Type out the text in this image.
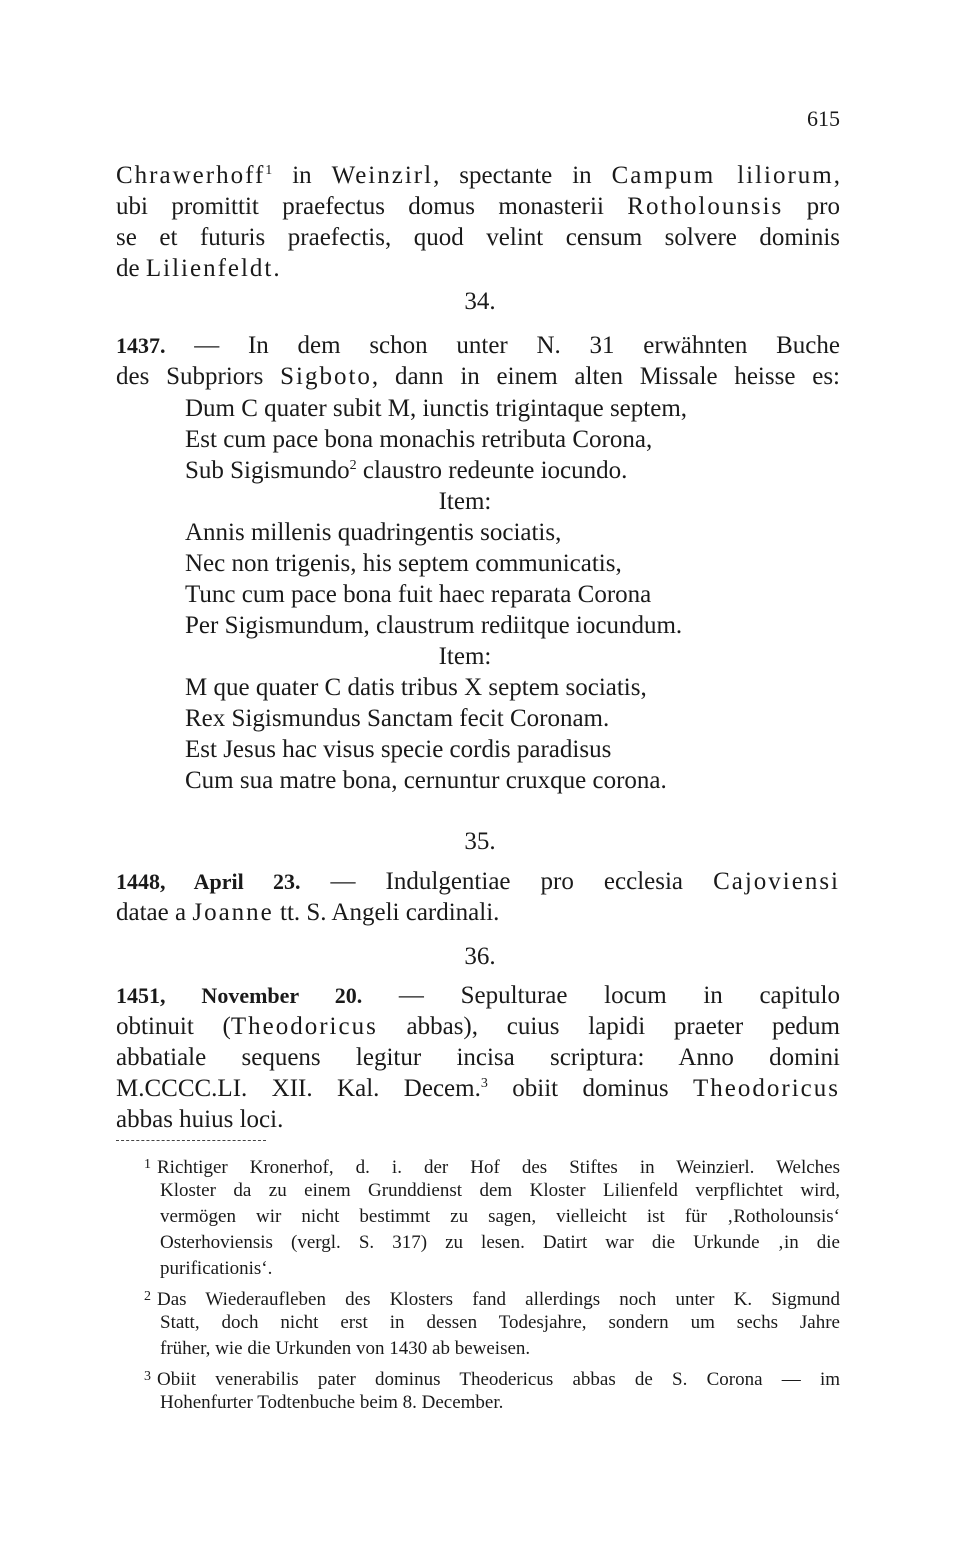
615
Chrawerhoff$^1$ in Weinzirl, spectante in Campum liliorum,
ubi promittit praefectus domus monasterii Rotholounsis pro
se et futuris praefectis, quod velint censum solvere dominis
de Lilienfeldt.
34.
1437. — In dem schon unter N. 31 erwähnten Buche
des Subpriors Sigboto, dann in einem alten Missale heisse es:
Dum C quater subit M, iunctis trigintaque septem,
Est cum pace bona monachis retributa Corona,
Sub Sigismundo$^2$ claustro redeunte iocundo.
Item:
Annis millenis quadringentis sociatis,
Nec non trigenis, his septem communicatis,
Tunc cum pace bona fuit haec reparata Corona
Per Sigismundum, claustrum rediitque iocundum.
Item:
M que quater C datis tribus X septem sociatis,
Rex Sigismundus Sanctam fecit Coronam.
Est Jesus hac visus specie cordis paradisus
Cum sua matre bona, cernuntur cruxque corona.
35.
1448, April 23. — Indulgentiae pro ecclesia Cajoviensi
datae a Joanne tt. S. Angeli cardinali.
36.
1451, November 20. — Sepulturae locum in capitulo
obtinuit (Theodoricus abbas), cuius lapidi praeter pedum
abbatiale sequens legitur incisa scriptura: Anno domini
M.CCCC.LI. XII. Kal. Decem.$^3$ obiit dominus Theodoricus
abbas huius loci.
$^1$ Richtiger Kronerhof, d. i. der Hof des Stiftes in Weinzierl. Welches
Kloster da zu einem Grunddienst dem Kloster Lilienfeld verpflichtet wird,
vermögen wir nicht bestimmt zu sagen, vielleicht ist für ‚Rotholounsis‘
Osterhoviensis (vergl. S. 317) zu lesen. Datirt war die Urkunde ‚in die
purificationis‘.
$^2$ Das Wiederaufleben des Klosters fand allerdings noch unter K. Sigmund
Statt, doch nicht erst in dessen Todesjahre, sondern um sechs Jahre
früher, wie die Urkunden von 1430 ab beweisen.
$^3$ Obiit venerabilis pater dominus Theodericus abbas de S. Corona — im
Hohenfurter Todtenbuche beim 8. December.
